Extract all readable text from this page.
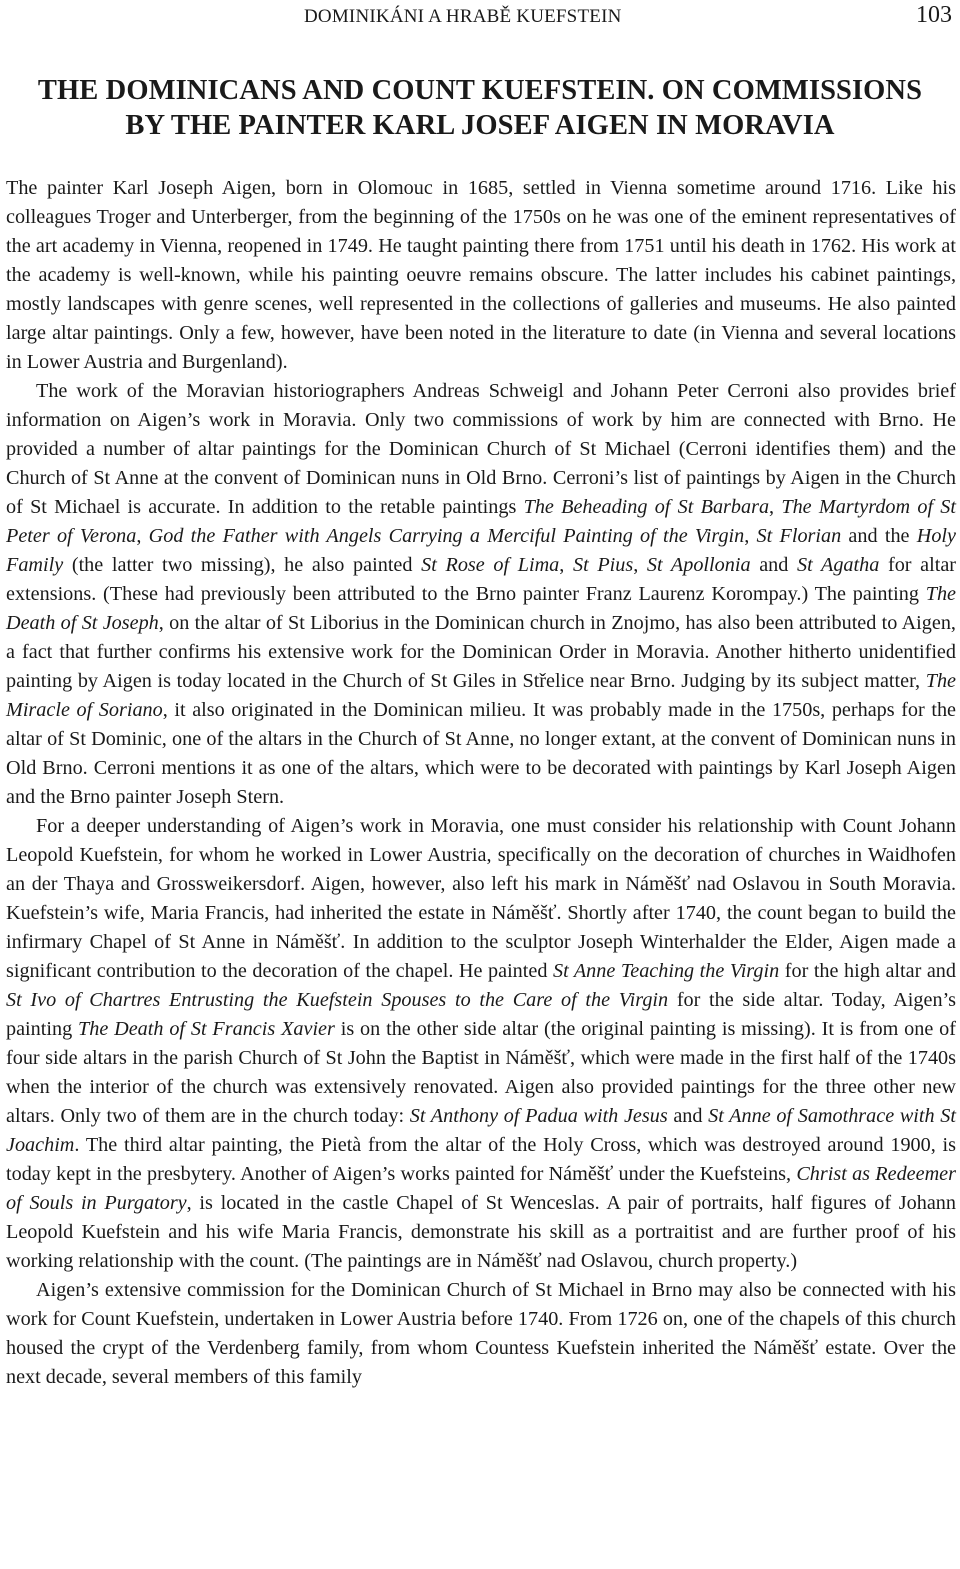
DOMINIKÁNI A HRABĚ KUEFSTEIN	103
THE DOMINICANS AND COUNT KUEFSTEIN. ON COMMISSIONS
BY THE PAINTER KARL JOSEF AIGEN IN MORAVIA

The painter Karl Joseph Aigen, born in Olomouc in 1685, settled in Vienna sometime around 1716. Like his colleagues Troger and Unterberger, from the beginning of the 1750s on he was one of the eminent representatives of the art academy in Vienna, reopened in 1749. He taught painting there from 1751 until his death in 1762. His work at the academy is well-known, while his painting oeuvre remains obscure. The latter includes his cabinet paintings, mostly landscapes with genre scenes, well represented in the collections of galleries and museums. He also painted large altar paintings. Only a few, however, have been noted in the literature to date (in Vienna and several locations in Lower Austria and Burgenland).

The work of the Moravian historiographers Andreas Schweigl and Johann Peter Cerroni also provides brief information on Aigen’s work in Moravia. Only two commissions of work by him are connected with Brno. He provided a number of altar paintings for the Dominican Church of St Michael (Cerroni identifies them) and the Church of St Anne at the convent of Dominican nuns in Old Brno. Cerroni’s list of paintings by Aigen in the Church of St Michael is accurate. In addition to the retable paintings The Beheading of St Barbara, The Martyrdom of St Peter of Verona, God the Father with Angels Carrying a Merciful Painting of the Virgin, St Florian and the Holy Family (the latter two missing), he also painted St Rose of Lima, St Pius, St Apollonia and St Agatha for altar extensions. (These had previously been attributed to the Brno painter Franz Laurenz Korompay.) The painting The Death of St Joseph, on the altar of St Liborius in the Dominican church in Znojmo, has also been attributed to Aigen, a fact that further confirms his extensive work for the Dominican Order in Moravia. Another hitherto unidentified painting by Aigen is today located in the Church of St Giles in Střelice near Brno. Judging by its subject matter, The Miracle of Soriano, it also originated in the Dominican milieu. It was probably made in the 1750s, perhaps for the altar of St Dominic, one of the altars in the Church of St Anne, no longer extant, at the convent of Dominican nuns in Old Brno. Cerroni mentions it as one of the altars, which were to be decorated with paintings by Karl Joseph Aigen and the Brno painter Joseph Stern.

For a deeper understanding of Aigen’s work in Moravia, one must consider his relationship with Count Johann Leopold Kuefstein, for whom he worked in Lower Austria, specifically on the decoration of churches in Waidhofen an der Thaya and Grossweikersdorf. Aigen, however, also left his mark in Náměšť nad Oslavou in South Moravia. Kuefstein’s wife, Maria Francis, had inherited the estate in Náměšť. Shortly after 1740, the count began to build the infirmary Chapel of St Anne in Náměšť. In addition to the sculptor Joseph Winterhalder the Elder, Aigen made a significant contribution to the decoration of the chapel. He painted St Anne Teaching the Virgin for the high altar and St Ivo of Chartres Entrusting the Kuefstein Spouses to the Care of the Virgin for the side altar. Today, Aigen’s painting The Death of St Francis Xavier is on the other side altar (the original painting is missing). It is from one of four side altars in the parish Church of St John the Baptist in Náměšť, which were made in the first half of the 1740s when the interior of the church was extensively renovated. Aigen also provided paintings for the three other new altars. Only two of them are in the church today: St Anthony of Padua with Jesus and St Anne of Samothrace with St Joachim. The third altar painting, the Pietà from the altar of the Holy Cross, which was destroyed around 1900, is today kept in the presbytery. Another of Aigen’s works painted for Náměšť under the Kuefsteins, Christ as Redeemer of Souls in Purgatory, is located in the castle Chapel of St Wenceslas. A pair of portraits, half figures of Johann Leopold Kuefstein and his wife Maria Francis, demonstrate his skill as a portraitist and are further proof of his working relationship with the count. (The paintings are in Náměšť nad Oslavou, church property.)

Aigen’s extensive commission for the Dominican Church of St Michael in Brno may also be connected with his work for Count Kuefstein, undertaken in Lower Austria before 1740. From 1726 on, one of the chapels of this church housed the crypt of the Verdenberg family, from whom Countess Kuefstein inherited the Náměšť estate. Over the next decade, several members of this family
